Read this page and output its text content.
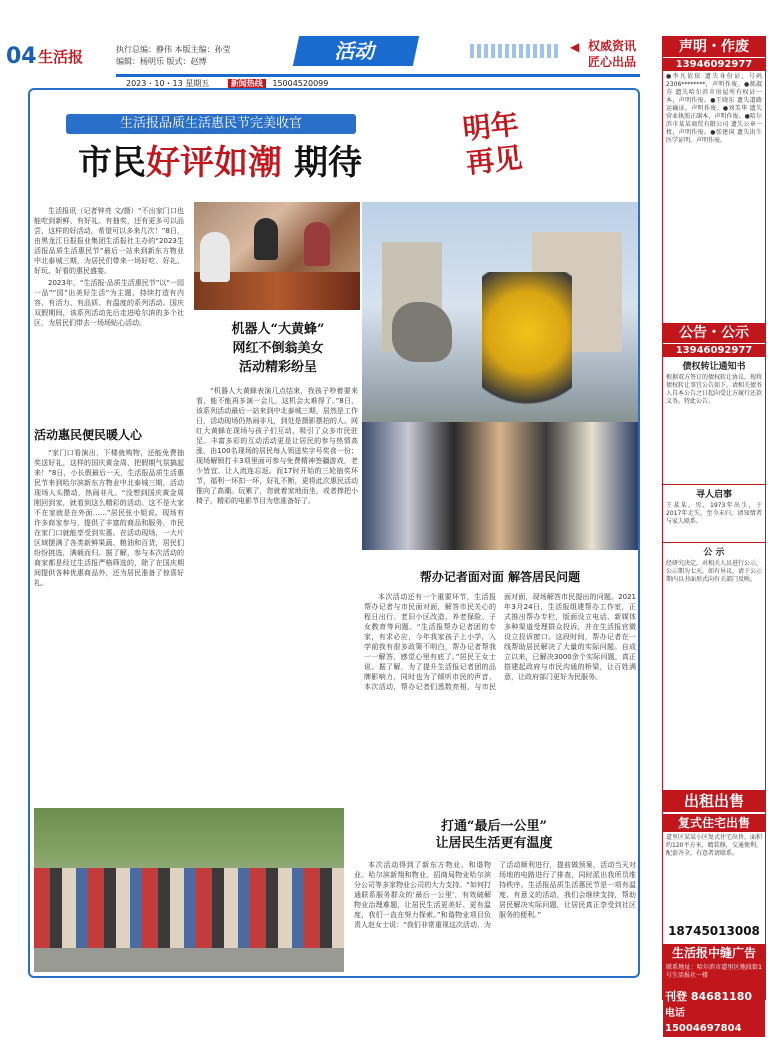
04 生活报	执行总编：静伟 本版主编：孙莹
编辑：杨明乐 版式：赵博	活动	◀ 权威资讯
匠心出品
2023・10・13 星期五	新闻热线 15004520099
生活报品质生活惠民节完美收官
市民好评如潮 期待
明年
再见

生活报讯（记者钟亮 文/摄）“不出家门口也能吃到新鲜、有好礼、有抽奖，还有更多可以品尝，这样的好活动，希望可以多来几次！”8日，由黑龙江日报报业集团生活报社主办的“2023生活报品质生活惠民节”最后一站来到新东方物业中北泰城三期，为居民们带来一场好吃、好礼、好玩、好看的惠民盛宴。

2023年，“生活报·品质生活惠民节”以“一园一品”“园”出美好生活”为主题，持续打造有内容、有活力、有品质、有温度的系列活动。国庆双假期间，该系列活动先后走进哈尔滨的多个社区，为居民们带去一场场贴心活动。	机器人“大黄蜂”
网红不倒翁美女
活动精彩纷呈

“机器人大黄蜂表演几点结束，我孩子吵着要来看，能不能再多演一会儿，这机会太难得了。”8日，该系列活动最后一站来到中北泰城三期，居然是工作日，活动现场仍热闹非凡，到处是摄影摆拍的人。网红大黄蜂在现场与孩子们互动，吸引了众多市民驻足。丰富多彩的互动活动更是让居民的参与热情高涨，由100名现场的居民每人领送奖字号奖食一份；现场解锁打卡3项里面可参与免费精神签疆游戏，老少皆宜、让人流连忘返。而17时开始的三轮抽奖环节，福利一环扣一环，好礼不断，更将此次惠民活动推向了高潮。玩累了，您就着家地而坐，或者捧把小椅子，精彩的电影节目为您准备好了。

活动惠民便民暖人心

“家门口看演出，下楼就购物，还能免费抽奖送好礼，这样的国庆黄金周，把假期气氛搞起来！”8日，小长假最后一天，生活报品质生活惠民节来到哈尔滨新东方物业中北泰城三期，活动现场人头攒动，热闹非凡。“没想到国庆黄金周刚回到家，就看到这么精彩的活动。这不是大家不在家就是在外面……”居民张小姐说。现场有许多商家参与，提供了丰富的商品和服务，市民在家门口就能享受到实惠。在活动现场，一大片区域摆满了各类新鲜果蔬、粮油和百货，居民们纷纷挑选，满载而归。据了解，参与本次活动的商家都是经过生活报严格筛选的，除了在国庆期间提供各种优惠商品外，还为居民准备了惊喜好礼。	帮办记者面对面 解答居民问题

本次活动还有一个重要环节，生活报帮办记者与市民面对面，解答市民关心的程日出行、老旧小区改造、养老保险、子女教育等问题。“生活报帮办记者团的专家，有求必应，今年我家孩子上小学，入学前我有很多政策不明白，帮办记者帮我一一解答，感觉心里有底了。”居民王女士说。据了解，为了提升生活报记者团的品牌影响力，同时也为了倾听市民的声音，本次活动，帮办记者们悉数亮相，与市民面对面，现场解答市民提出的问题。2021年3月24日，生活报组建帮办工作室，正式推出帮办专栏，版面设立电话、新媒体多种渠道受理群众投诉，并在生活报官微设立投诉窗口。这段时间，帮办记者在一线帮助居民解决了大量的实际问题。自成立以来，已解决3000余个实际问题，真正搭建起政府与市民沟通的桥梁，让百姓满意，让政府部门更好为民服务。

打通“最后一公里”
让居民生活更有温度

本次活动得到了新东方物业、和谐物业、哈尔滨新翔和物业、招商局物业哈尔滨分公司等多家物业公司的大力支持。“如何打通联系服务群众的‘最后一公里’，有效破解物业治理难题，让居民生活更美好、更有温度，我们一直在努力探索。”和谐物业项目负责人赵女士说：“我们非常重视这次活动，为了活动顺利进行，提前做预案，活动当天对场地的电路进行了排查，同时派出我所员维持秩序。生活报品质生活惠民节是一项有温度、有意义的活动，我们会继续支持，帮助居民解决实际问题，让居民真正享受到社区服务的便利。”

声明・作废
13946092977
●李凡依依 遗失身份证，号码2306********，声明作废。●郝淑芬 遗失哈尔滨市房屋所有权证一本，声明作废。●王晓东 遗失道路运输证，声明作废。●刘美华 遗失营业执照正副本，声明作废。●哈尔滨市某某商贸有限公司 遗失公章一枚，声明作废。●张建国 遗失出生医学证明，声明作废。
公告・公示
13946092977
债权转让通知书
根据双方签订的债权转让协议，现将债权转让事宜公告如下，请相关债务人自本公告之日起向受让方履行还款义务。特此公告。
寻人启事
王某某，男，1973年出生，于2017年走失，至今未归，请知情者与家人联系。
公 示
经研究决定，对相关人员进行公示，公示期为七天。如有异议，请于公示期内以书面形式向有关部门反映。
出租出售
复式住宅出售
道里区某某小区复式住宅出售，面积约120平方米，精装修，交通便利，配套齐全。有意者请联系。
18745013008
生活报中缝广告
联系地址：哈尔滨市道里区地段街1号生活报社一楼
刊登 84681180
电话 15004697804
